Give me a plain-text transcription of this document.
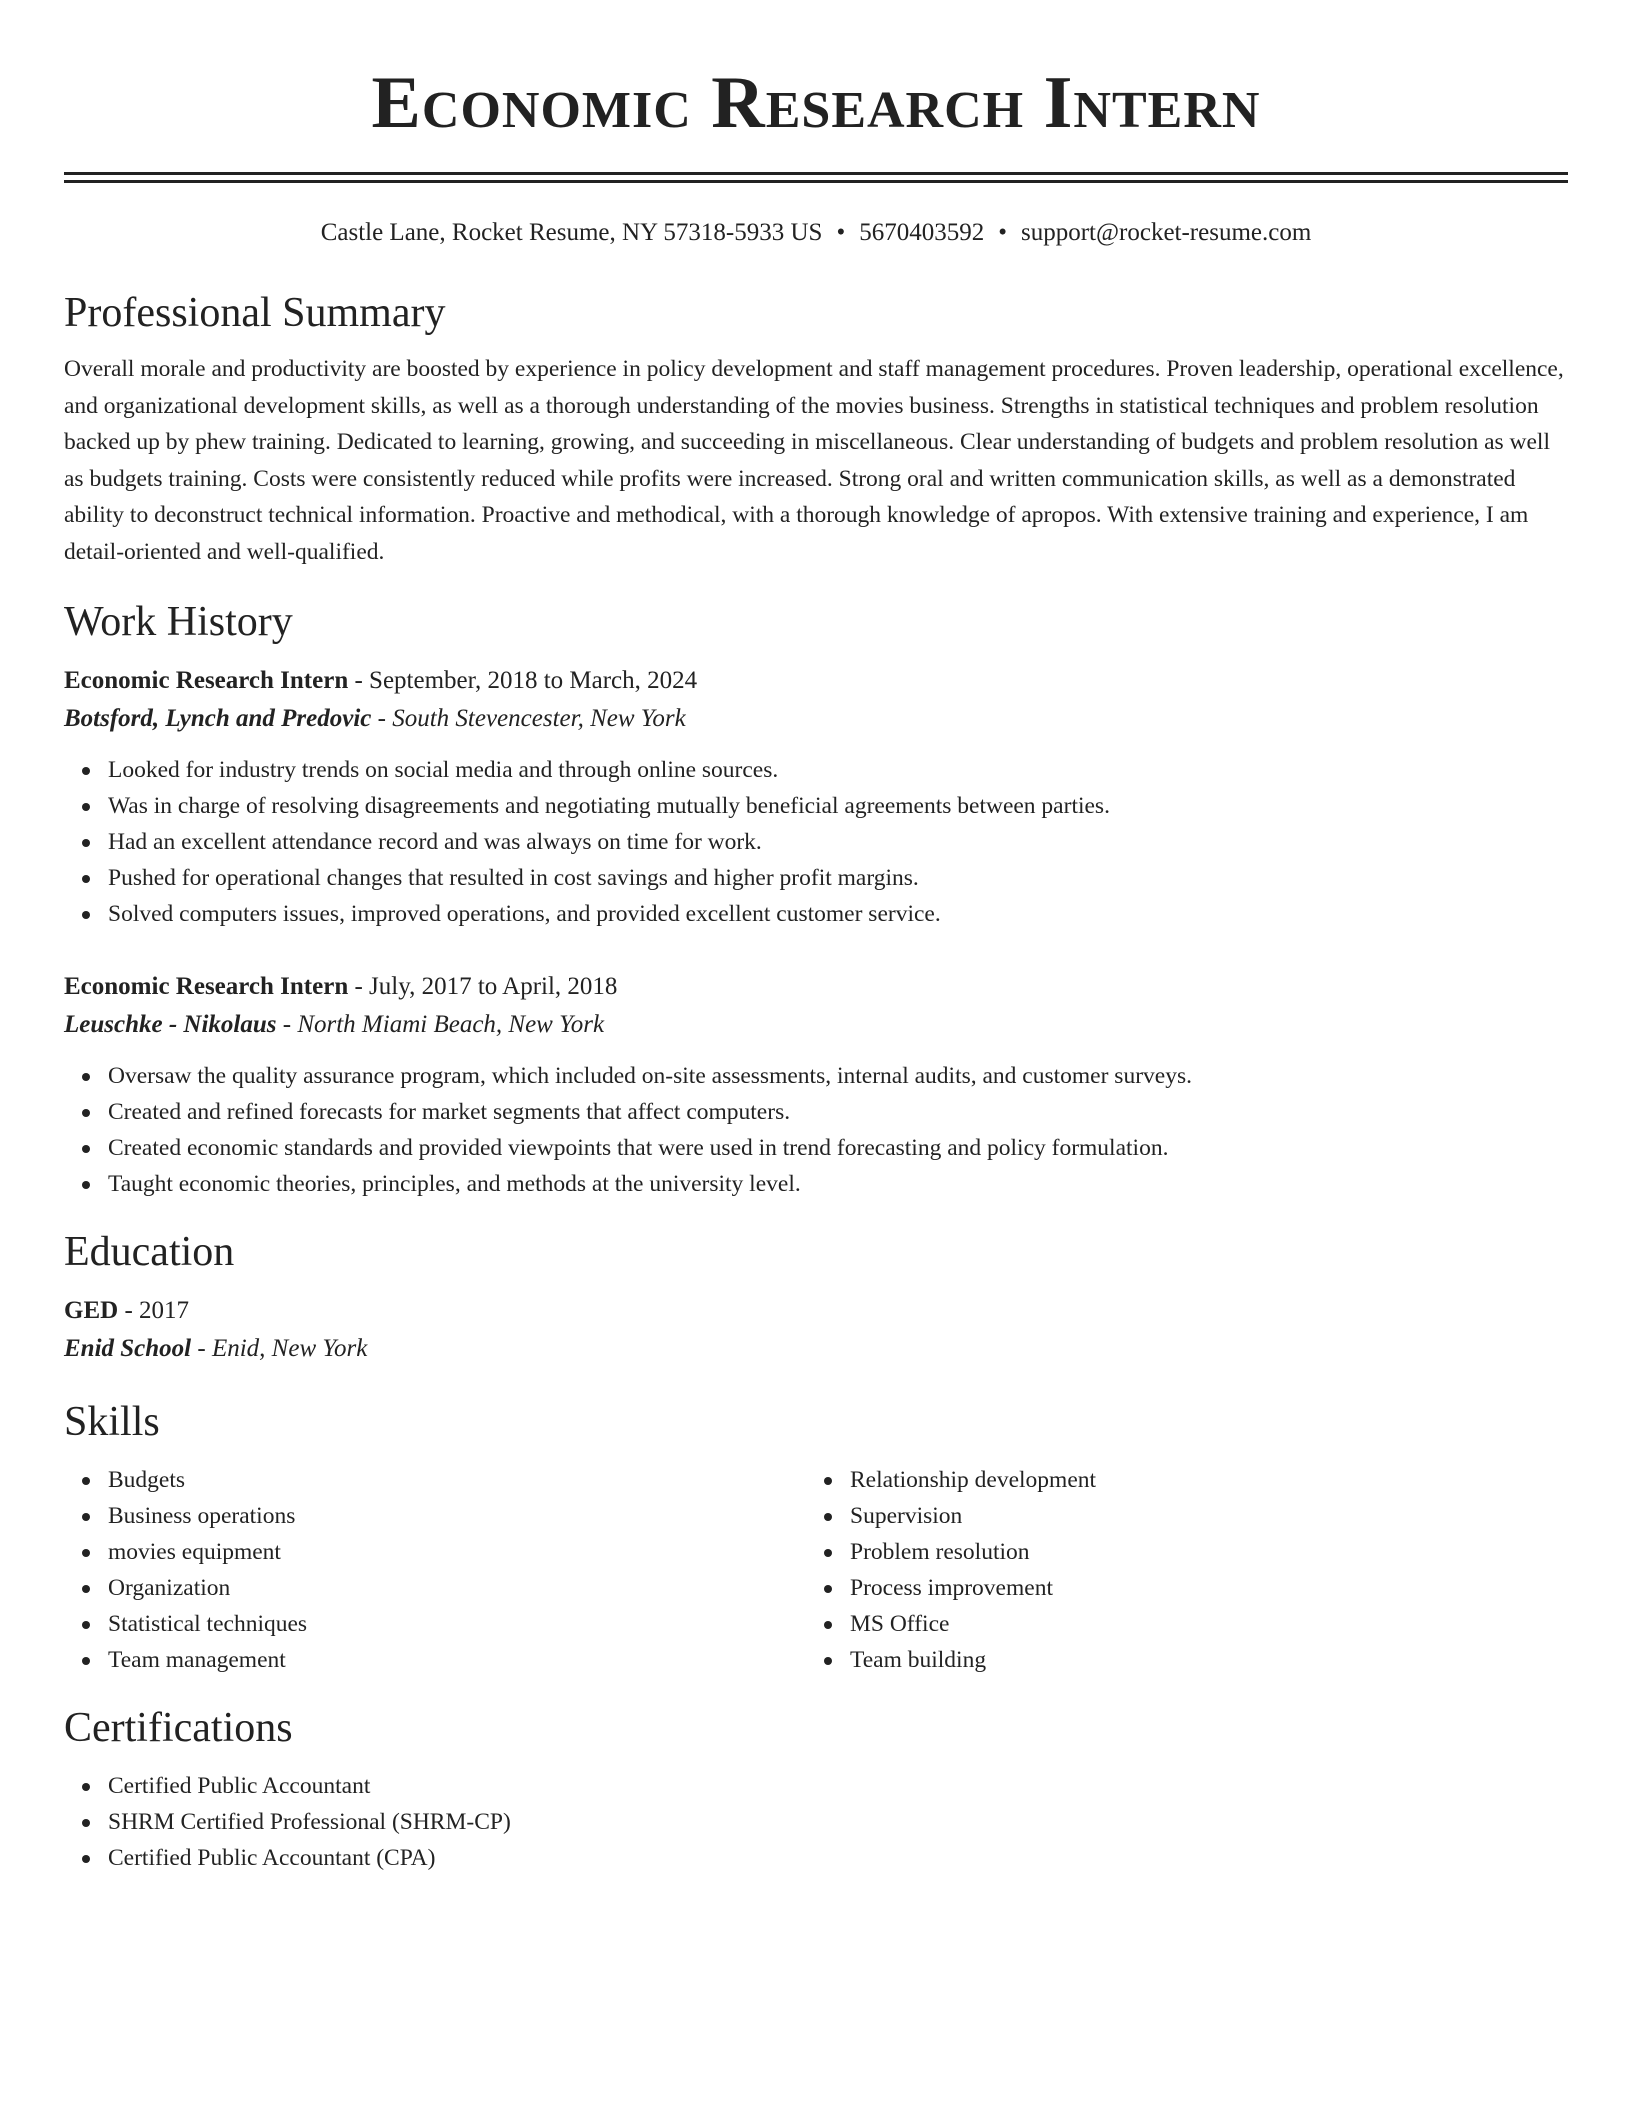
Economic Research Intern
Castle Lane, Rocket Resume, NY 57318-5933 US • 5670403592 • support@rocket-resume.com
Professional Summary
Overall morale and productivity are boosted by experience in policy development and staff management procedures. Proven leadership, operational excellence, and organizational development skills, as well as a thorough understanding of the movies business. Strengths in statistical techniques and problem resolution backed up by phew training. Dedicated to learning, growing, and succeeding in miscellaneous. Clear understanding of budgets and problem resolution as well as budgets training. Costs were consistently reduced while profits were increased. Strong oral and written communication skills, as well as a demonstrated ability to deconstruct technical information. Proactive and methodical, with a thorough knowledge of apropos. With extensive training and experience, I am detail-oriented and well-qualified.
Work History
Economic Research Intern - September, 2018 to March, 2024
Botsford, Lynch and Predovic - South Stevencester, New York
Looked for industry trends on social media and through online sources.
Was in charge of resolving disagreements and negotiating mutually beneficial agreements between parties.
Had an excellent attendance record and was always on time for work.
Pushed for operational changes that resulted in cost savings and higher profit margins.
Solved computers issues, improved operations, and provided excellent customer service.
Economic Research Intern - July, 2017 to April, 2018
Leuschke - Nikolaus - North Miami Beach, New York
Oversaw the quality assurance program, which included on-site assessments, internal audits, and customer surveys.
Created and refined forecasts for market segments that affect computers.
Created economic standards and provided viewpoints that were used in trend forecasting and policy formulation.
Taught economic theories, principles, and methods at the university level.
Education
GED - 2017
Enid School - Enid, New York
Skills
Budgets
Business operations
movies equipment
Organization
Statistical techniques
Team management
Relationship development
Supervision
Problem resolution
Process improvement
MS Office
Team building
Certifications
Certified Public Accountant
SHRM Certified Professional (SHRM-CP)
Certified Public Accountant (CPA)
